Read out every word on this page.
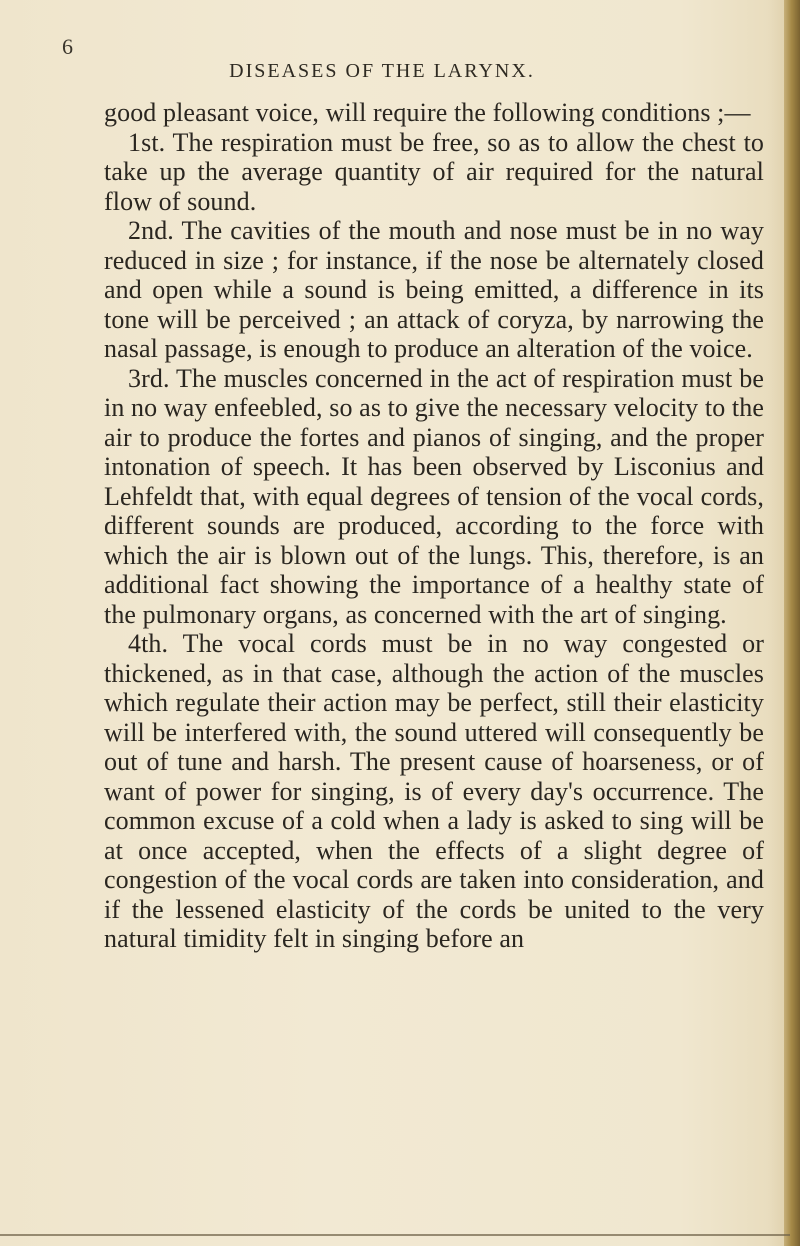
6
DISEASES OF THE LARYNX.

good pleasant voice, will require the following conditions ;—

1st. The respiration must be free, so as to allow the chest to take up the average quantity of air required for the natural flow of sound.

2nd. The cavities of the mouth and nose must be in no way reduced in size ; for instance, if the nose be alternately closed and open while a sound is being emitted, a difference in its tone will be perceived ; an attack of coryza, by narrowing the nasal passage, is enough to produce an alteration of the voice.

3rd. The muscles concerned in the act of respiration must be in no way enfeebled, so as to give the necessary velocity to the air to produce the fortes and pianos of singing, and the proper intonation of speech. It has been observed by Lisconius and Lehfeldt that, with equal degrees of tension of the vocal cords, different sounds are produced, according to the force with which the air is blown out of the lungs. This, therefore, is an additional fact showing the importance of a healthy state of the pulmonary organs, as concerned with the art of singing.

4th. The vocal cords must be in no way congested or thickened, as in that case, although the action of the muscles which regulate their action may be perfect, still their elasticity will be interfered with, the sound uttered will consequently be out of tune and harsh. The present cause of hoarseness, or of want of power for singing, is of every day's occurrence. The common excuse of a cold when a lady is asked to sing will be at once accepted, when the effects of a slight degree of congestion of the vocal cords are taken into consideration, and if the lessened elasticity of the cords be united to the very natural timidity felt in singing before an
